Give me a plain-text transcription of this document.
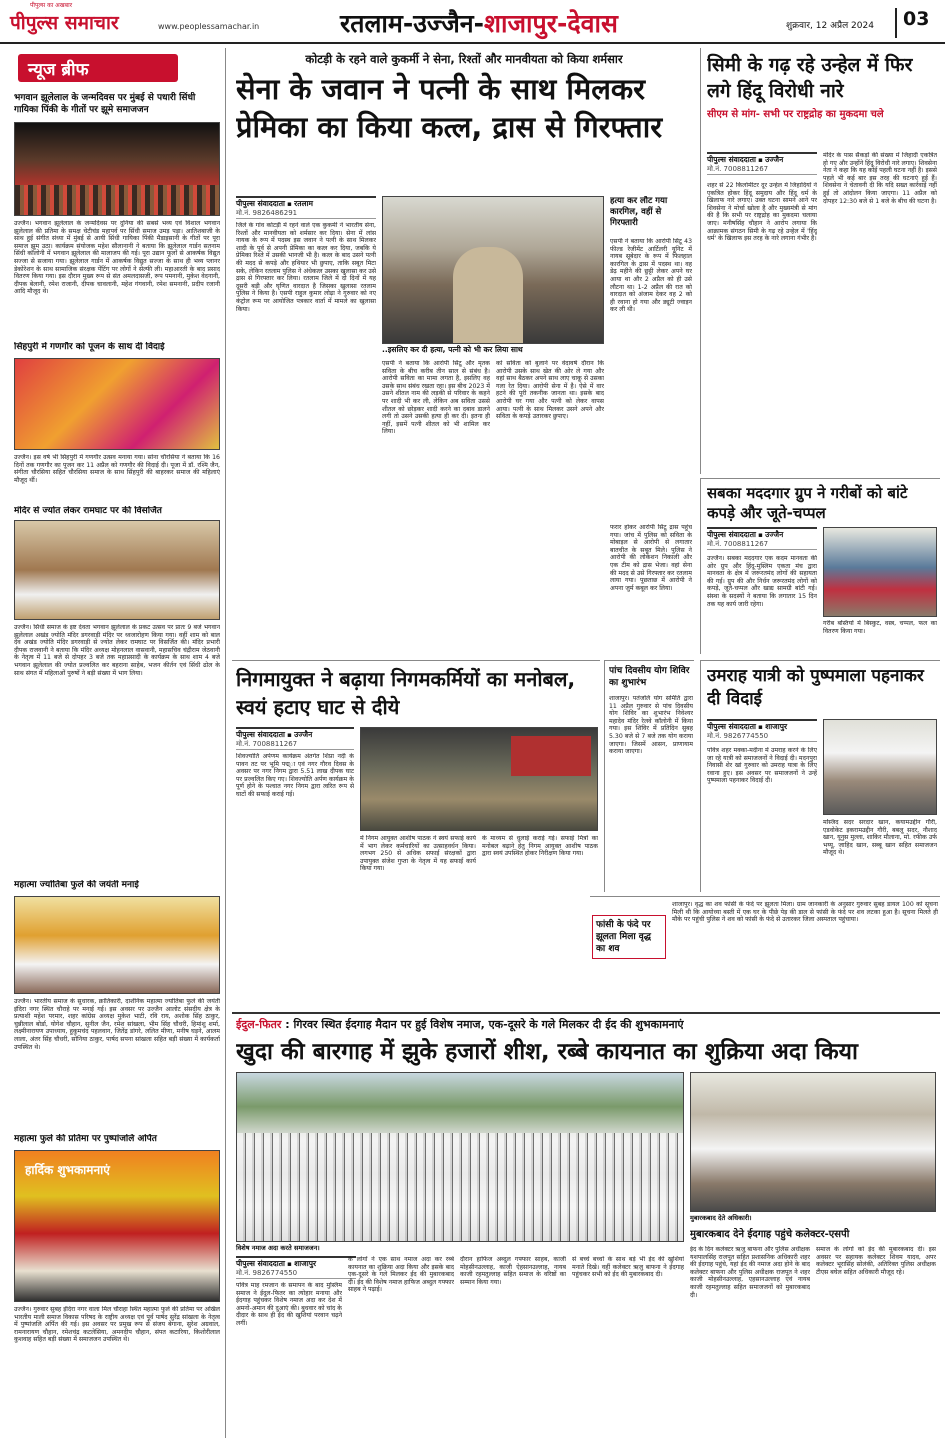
पीपुल्स का अखबार
पीपुल्स समाचार	www.peoplessamachar.in	रतलाम-उज्जैन-शाजापुर-देवास	शुक्रवार, 12 अप्रैल 2024	03
न्यूज ब्रीफ
भगवान झूलेलाल के जन्मदिवस पर मुंबई से पधारी सिंधी गायिका पिंकी के गीतों पर झूमे समाजजन
उज्जैन। भगवान झूलेलाल के जन्मदिवस पर दुनिया की सबसे भव्य एवं विशाल भगवान झूलेलाल की प्रतिमा के समक्ष चेटीचंड महापर्व पर सिंधी समाज उमड़ पड़ा। आतिशबाजी के साथ हुई संगीत संध्या में मुंबई से आयी सिंधी गायिका पिंकी मैडाइसानी के गीतों पर पूरा समाज झूम उठा। कार्यक्रम संयोजक महेश सौलानानी ने बताया कि झूलेलाल गार्डन सतनाम सिंधी कॉलोनी में भगवान झूलेलाल की मालाजप की गई। पूरा उद्यान फूलों से आकर्षक विद्युत सज्जा से सजाया गया। झूलेलाल गार्डन में आकर्षक विद्युत सज्जा के साथ ही भव्य प्लानर डेकोरेशन के साथ सामाजिक संरक्षक पेंटिंग पर लोगों ने सेल्फी ली। महाआरती के बाद प्रसाद वितरण किया गया। इस दौरान मुख्य रूप से संत अमलदासजी, रूप पमनानी, मुकेश वेदनानी, दीपक बेलानी, रमेश राजानी, दीपक चावलानी, महेश गंगवानी, रमेश समनानी, प्रदीप रजानी आदि मौजूद थे।
सिंहपुरी में गणगौर को पूजन के साथ दी विदाई
उज्जैन। इस वर्ष भी सिंहपुरी में गणगौर उत्सव मनाया गया। सोना चौरसिया ने बताया कि 16 दिनों तक गणगौर का पूजन कर 11 अप्रैल को गणगौर की विदाई दी। पूजा में डॉ. रश्मि जैन, संगीता चौरसिया सहित चौरसिया समाज के साथ सिंहपुरी की बाहरकर समाज की महिलाएं मौजूद थीं।
मंदिर से ज्योत लेकर रामघाट पर की विसर्जित
उज्जैन। सिंधी समाज के इष्ट देवता भगवान झूलेलाल के प्रकट उत्सव पर प्रातः 9 बजे भगवान झूलेलाल अखंड ज्योति मंदिर डगरवाड़ी मंदिर पर ध्वजारोहण किया गया। वहीं शाम को बाल देव अखंड ज्योति मंदिर डगरवाड़ी से ज्योत लेकर रामघाट पर विसर्जित की। मंदिर प्रभारी दीपक राजवानी ने बताया कि मंदिर अध्यक्ष मोहनलाल वासवानी, महासचिव चंद्रीराम जेठवानी के नेतृत्व में 11 बजे से दोपहर 3 बजे तक महाप्रसादी के कार्यक्रम के साथ शाम 4 बजे भगवान झूलेलाल की ज्योत प्रज्वलित कर बहराना साहेब, भजन कीर्तन एवं सिंधी ढोल के साथ संगत में महिलाओं पुरुषों ने बड़ी संख्या में भाग लिया।
महात्मा ज्योतिबा फुले की जयंती मनाई
उज्जैन। भारतीय समाज के सुधारक, क्रांतिकारी, दार्शनिक महात्मा ज्योतिबा फुले की जयंती इंदिरा नगर स्थित चौराहे पर मनाई गई। इस अवसर पर उज्जैन आलोट संसदीय क्षेत्र के प्रत्याशी महेश परमार, शहर कांग्रेस अध्यक्ष मुकेश भाटी, रवि राय, अशोक सिंह ठाकुर, चुन्नीलाल बोर्डा, योगेश चौहान, सुनील जैन, रमेश सांखला, भीम सिंह चौधरी, हिमांशु शर्मा, लक्ष्मीनारायण उपाध्याय, हुकुमचंद पहलवान, जितेंद्र डांगरे, ललित मीणा, मनीष घड़ने, आलम लाला, अंतर सिंह चौधरी, सोनिया ठाकुर, पार्षद सपना सांखला सहित बड़ी संख्या में कार्यकर्ता उपस्थित थे।
महात्मा फुले की प्रतिमा पर पुष्पांजलि अर्पित
हार्दिक शुभकामनाएं
उज्जैन। गुरुवार सुबह इंदिरा नगर वाला मिल चौराहा स्थित महात्मा फुले की प्रतिमा पर अखिल भारतीय माली समाज विकास परिषद के राष्ट्रीय अध्यक्ष एवं पूर्व पार्षद सुरेंद्र सांखला के नेतृत्व में पुष्पांजलि अर्पित की गई। इस अवसर पर प्रमुख रूप से संजय बेगाना, सुरेश अग्रवाल, रामनारायण चौहान, रमेशचंद्र कटलेसिया, अमनदीप चौहान, संपत कटारिया, किशोरीलाल कुशवाह सहित बड़ी संख्या में समाजजन उपस्थित थे।
कोटड़ी के रहने वाले कुकर्मी ने सेना, रिश्तों और मानवीयता को किया शर्मसार
सेना के जवान ने पत्नी के साथ मिलकर प्रेमिका का किया कत्ल, द्रास से गिरफ्तार
पीपुल्स संवाददाता ▪ रतलाम
मो.नं. 9826486291
जिले के गांव कोटड़ी में रहने वाले एक कुकर्मी ने भारतीय सेना, रिश्तों और मानवीयता को शर्मसार कर दिया। सेना में लांस नायक के रूप में पदस्थ इस जवान ने पत्नी के साथ मिलकर शादी के पूर्व से अपनी प्रेमिका का कत्ल कर दिया, जबकि ये प्रेमिका रिश्ते में उसकी भानजी भी है। कत्ल के बाद उसने पत्नी की मदद से कपड़े और हथियार भी छुपाए, ताकि सबूत मिटा सके, लेकिन रतलाम पुलिस ने अंधेकत्ल उसका खुलासा कर उसे द्रास से गिरफ्तार कर लिया। रतलाम जिले में दो दिनों में यह दूसरी बड़ी और घृणित वारदात है जिसका खुलासा रतलाम पुलिस ने किया है। एसपी राहुल कुमार लोढ़ा ने गुरुवार को नए कंट्रोल रूम पर आयोजित पत्रकार वार्ता में मामले का खुलासा किया।
..इसलिए कर दी हत्या, पत्नी को भी कर लिया साथ
हत्या कर लौट गया कारगिल, वहीं से गिरफ्तारी
एसपी ने बताया कि आरोपी सिंटू 43 फील्ड रेजीमेंट आर्टिलरी यूनिट में नायब सूबेदार के रूप में फिलहाल कारगिल के द्रास में पदस्थ था। वह डेढ़ महीने की छुट्टी लेकर अपने घर आया था और 2 अप्रैल को ही उसे लौटना था। 1-2 अप्रैल की रात को वारदात को अंजाम देकर वह 2 को ही रवाना हो गया और ड्यूटी ज्वाइन कर ली थी।
एसपी ने बताया कि आरोपी सिंटू और मृतक सविता के बीच करीब तीन साल से संबंध है। आरोपी सविता का मामा लगता है, इसलिए वह उसके साथ संबंध रखता रहा। इस बीच 2023 में उसने शीतल नाम की लड़की से परिवार के कहने पर शादी भी कर ली, लेकिन अब सविता उससे शीतल को छोड़कर शादी करने का दबाव डालने लगी तो उसने उसकी हत्या ही कर दी। इतना ही नहीं, इसमें पत्नी शीतल को भी शामिल कर लिया।
को सविता को बुलाने पर वेदावर्ष दौरान कि आरोपी उसके साथ खेत की ओर ले गया और वहां साथ बैठकर अपने साथ लाए चाकू से उसका गला रेत दिया। आरोपी सेना में है। ऐसे में वार हटने की पूरी तकनीक जानता था। इसके बाद आरोपी घर गया और पत्नी को लेकर वापस आया। पत्नी के साथ मिलकर उसने अपने और सविता के कपड़े उतारकर छुपाए।
फरार होकर आरोपी सिंटू द्रास पहुंच गया। जांच में पुलिस को सविता के मोबाइल से आरोपी से लगातार बातचीत के सबूत मिले। पुलिस ने आरोपी की लोकेशन निकाली और एक टीम को द्रास भेजा। वहां सेना की मदद से उसे गिरफ्तार कर रतलाम लाया गया। पूछताछ में आरोपी ने अपना जुर्म कबूल कर लिया।
सिमी के गढ़ रहे उन्हेल में फिर लगे हिंदू विरोधी नारे
सीएम से मांग- सभी पर राष्ट्रद्रोह का मुकदमा चले
पीपुल्स संवाददाता ▪ उज्जैन
मो.नं. 7008811267
शहर से 22 किलोमीटर दूर उन्हेल में जिहादियों ने एकत्रित होकर हिंदू समुदाय और हिंदू धर्म के खिलाफ नारे लगाए। उक्त घटना सामने आने पर शिवसेना ने मोर्चा खोला है और मुख्यमंत्री से मांग की है कि सभी पर राष्ट्रद्रोह का मुकदमा चलाया जाए। मनीषसिंह चौहान ने आरोप लगाया कि आक्रामक संगठन सिमी के गढ़ रहे उन्हेल में 'हिंदू धर्म' के खिलाफ इस तरह के नारे लगाना गंभीर है।
मंदिर के पास सैकड़ों की संख्या में जिहादी एकत्रित हो गए और उन्होंने हिंदू विरोधी नारे लगाए। शिवसेना नेता ने कहा कि यह कोई पहली घटना नहीं है। इससे पहले भी कई बार इस तरह की घटनाएं हुई हैं। शिवसेना ने चेतावनी दी कि यदि सख्त कार्रवाई नहीं हुई तो आंदोलन किया जाएगा। 11 अप्रैल को दोपहर 12:30 बजे से 1 बजे के बीच की घटना है।
सबका मददगार ग्रुप ने गरीबों को बांटे कपड़े और जूते-चप्पल
पीपुल्स संवाददाता ▪ उज्जैन
मो.नं. 7008811267
उज्जैन। सबका मददगार एक कदम मानवता की ओर ग्रुप और हिंदू-मुस्लिम एकता मंच द्वारा मानवता के क्षेत्र में जरूरतमंद लोगों की सहायता की गई। ग्रुप की और निर्धन जरूरतमंद लोगों को कपड़े, जूते-चप्पल और खाद्य सामग्री बांटी गई। संस्था के सदस्यों ने बताया कि लगातार 15 दिन तक यह कार्य जारी रहेगा।
गरीब बस्तियों में बिस्कुट, वस्त्र, चप्पल, फल का वितरण किया गया।
निगमायुक्त ने बढ़ाया निगमकर्मियों का मनोबल, स्वयं हटाए घाट से दीये
पीपुल्स संवाददाता ▪ उज्जैन
मो.नं. 7008811267
शिवज्योति अर्पणम कार्यक्रम अंतर्गत शिप्रा नदी के पावन तट पर भूमि पद्म्ा एवं नगर गौरव दिवस के अवसर पर नगर निगम द्वारा 5.51 लाख दीपक घाट पर प्रज्वलित किए गए। शिवज्योति अर्पण कार्यक्रम के पूर्ण होने के पश्चात नगर निगम द्वारा त्वरित रूप से घाटों की सफाई कराई गई।
में निगम आयुक्त आशीष पाठक ने स्वयं सफाई कार्य में भाग लेकर कर्मचारियों का उत्साहवर्धन किया। लगभग 250 से अधिक सफाई संरक्षकों द्वारा उपायुक्त संजेश गुप्ता के नेतृत्व में यह सफाई कार्य किया गया।
के माध्यम से धुलाई कराई गई। सफाई मित्रों का मनोबल बढ़ाने हेतु निगम आयुक्त आशीष पाठक द्वारा स्वयं उपस्थित होकर निरीक्षण किया गया।
पांच दिवसीय योग शिविर का शुभारंभ
शाजापुर। पतंजलि योग समिति द्वारा 11 अप्रैल गुरुवार से पांच दिवसीय योग शिविर का शुभारंभ निवेश्यर महादेव मंदिर रेलवे कॉलोनी में किया गया। इस शिविर में प्रतिदिन सुबह 5.30 बजे से 7 बजे तक योग कराया जाएगा। जिसमें आसन, प्राणायाम कराया जाएगा।
उमराह यात्री को पुष्पमाला पहनाकर दी विदाई
पीपुल्स संवाददाता ▪ शाजापुर
मो.नं. 9826774550
पवित्र शहर मक्का-मदीना में उमराह करने के लिए जा रहे यात्री को समाजजनों ने विदाई दी। मदनपुरा निवासी शेर खां गुरुवार को उमराह यात्रा के लिए रवाना हुए। इस अवसर पर समाजजनों ने उन्हें पुष्पमाला पहनाकर विदाई दी।
मस्जिद सदर सरदार खान, कयामउद्दीन गौरी, एडवोकेट इकरामउद्दीन गौरी, बबलू सदर, नौशाद खान, यूनुस मुल्ला, शाकिर मौलाना, मो. रफीक उर्फ भय्यू, जाहिद खान, सब्बू खान सहित समाजजन मौजूद थे।
फांसी के फंदे पर झूलता मिला वृद्ध का शव
शाजापुर। वृद्ध का शव फांसी के फंदे पर झूलता मिला। ग्राम जानकारी के अनुसार गुरुवार सुबह डायल 100 को सूचना मिली थी कि आयोध्या बस्ती में एक घर के पीछे पेड़ की डाल से फांसी के फंदे पर शव लटका हुआ है। सूचना मिलते ही मौके पर पहुंची पुलिस ने शव को फांसी के फंदे से उतारकर जिला अस्पताल पहुंचाया।
ईदुल-फितर : गिरवर स्थित ईदगाह मैदान पर हुई विशेष नमाज, एक-दूसरे के गले मिलकर दी ईद की शुभकामनाएं
खुदा की बारगाह में झुके हजारों शीश, रब्बे कायनात का शुक्रिया अदा किया
विशेष नमाज अदा करते समाजजन।
मुबारकबाद देते अधिकारी।
मुबारकबाद देने ईदगाह पहुंचे कलेक्टर-एसपी
पीपुल्स संवाददाता ▪ शाजापुर
मो.नं. 9826774550
पवित्र माह रमजान के समापन के बाद मुस्लिम समाज ने ईदुल-फितर का त्योहार मनाया और ईदगाह पहुंचकर विशेष नमाज अदा कर देश में अमनो-अमान की दुआएं की। बुधवार को चांद के दीदार के साथ ही ईद की खुशियां परवान चढ़ने लगीं।
के लोगों ने एक साथ नमाज अदा कर रब्बे कायनात का शुक्रिया अदा किया और इसके बाद एक-दूसरे के गले मिलकर ईद की मुबारकबाद दी। ईद की विशेष नमाज हाफिज अब्दुल गफ्फार साहब ने पढ़ाई।
दौरान हाफिज अब्दुल गफ्फार साहब, काजी मोहसीनउल्लाह, काजी ऐहसानउल्लाह, नायब काजी रहमतुल्लाह सहित समाज के वरिष्ठों का सम्मान किया गया।
से बच्चे बच्चों के साथ बड़े भी ईद की खुशियां मनाते दिखे। वहीं कलेक्टर ऋजु बाफना ने ईदगाह पहुंचकर सभी को ईद की मुबारकबाद दी।
ईद के दिन कलेक्टर ऋजु बाफना और पुलिस अधीक्षक यशपालसिंह राजपूत सहित प्रशासनिक अधिकारी शहर की ईदगाह पहुंचे, यहां ईद की नमाज अदा होने के बाद कलेक्टर बाफना और पुलिस अधीक्षक राजपूत ने शहर काजी मोहसीनउल्लाह, एहसानउल्लाह एवं नायब काजी रहमतुल्लाह सहित समाजजनों को मुबारकबाद दी।
समाज के लोगों को ईद की मुबारकबाद दी। इस अवसर पर सहायक कलेक्टर शिवम यादव, अपर कलेक्टर भूरासिंह सोलंकी, अतिरिक्त पुलिस अधीक्षक टीएस बघेल सहित अधिकारी मौजूद रहे।
